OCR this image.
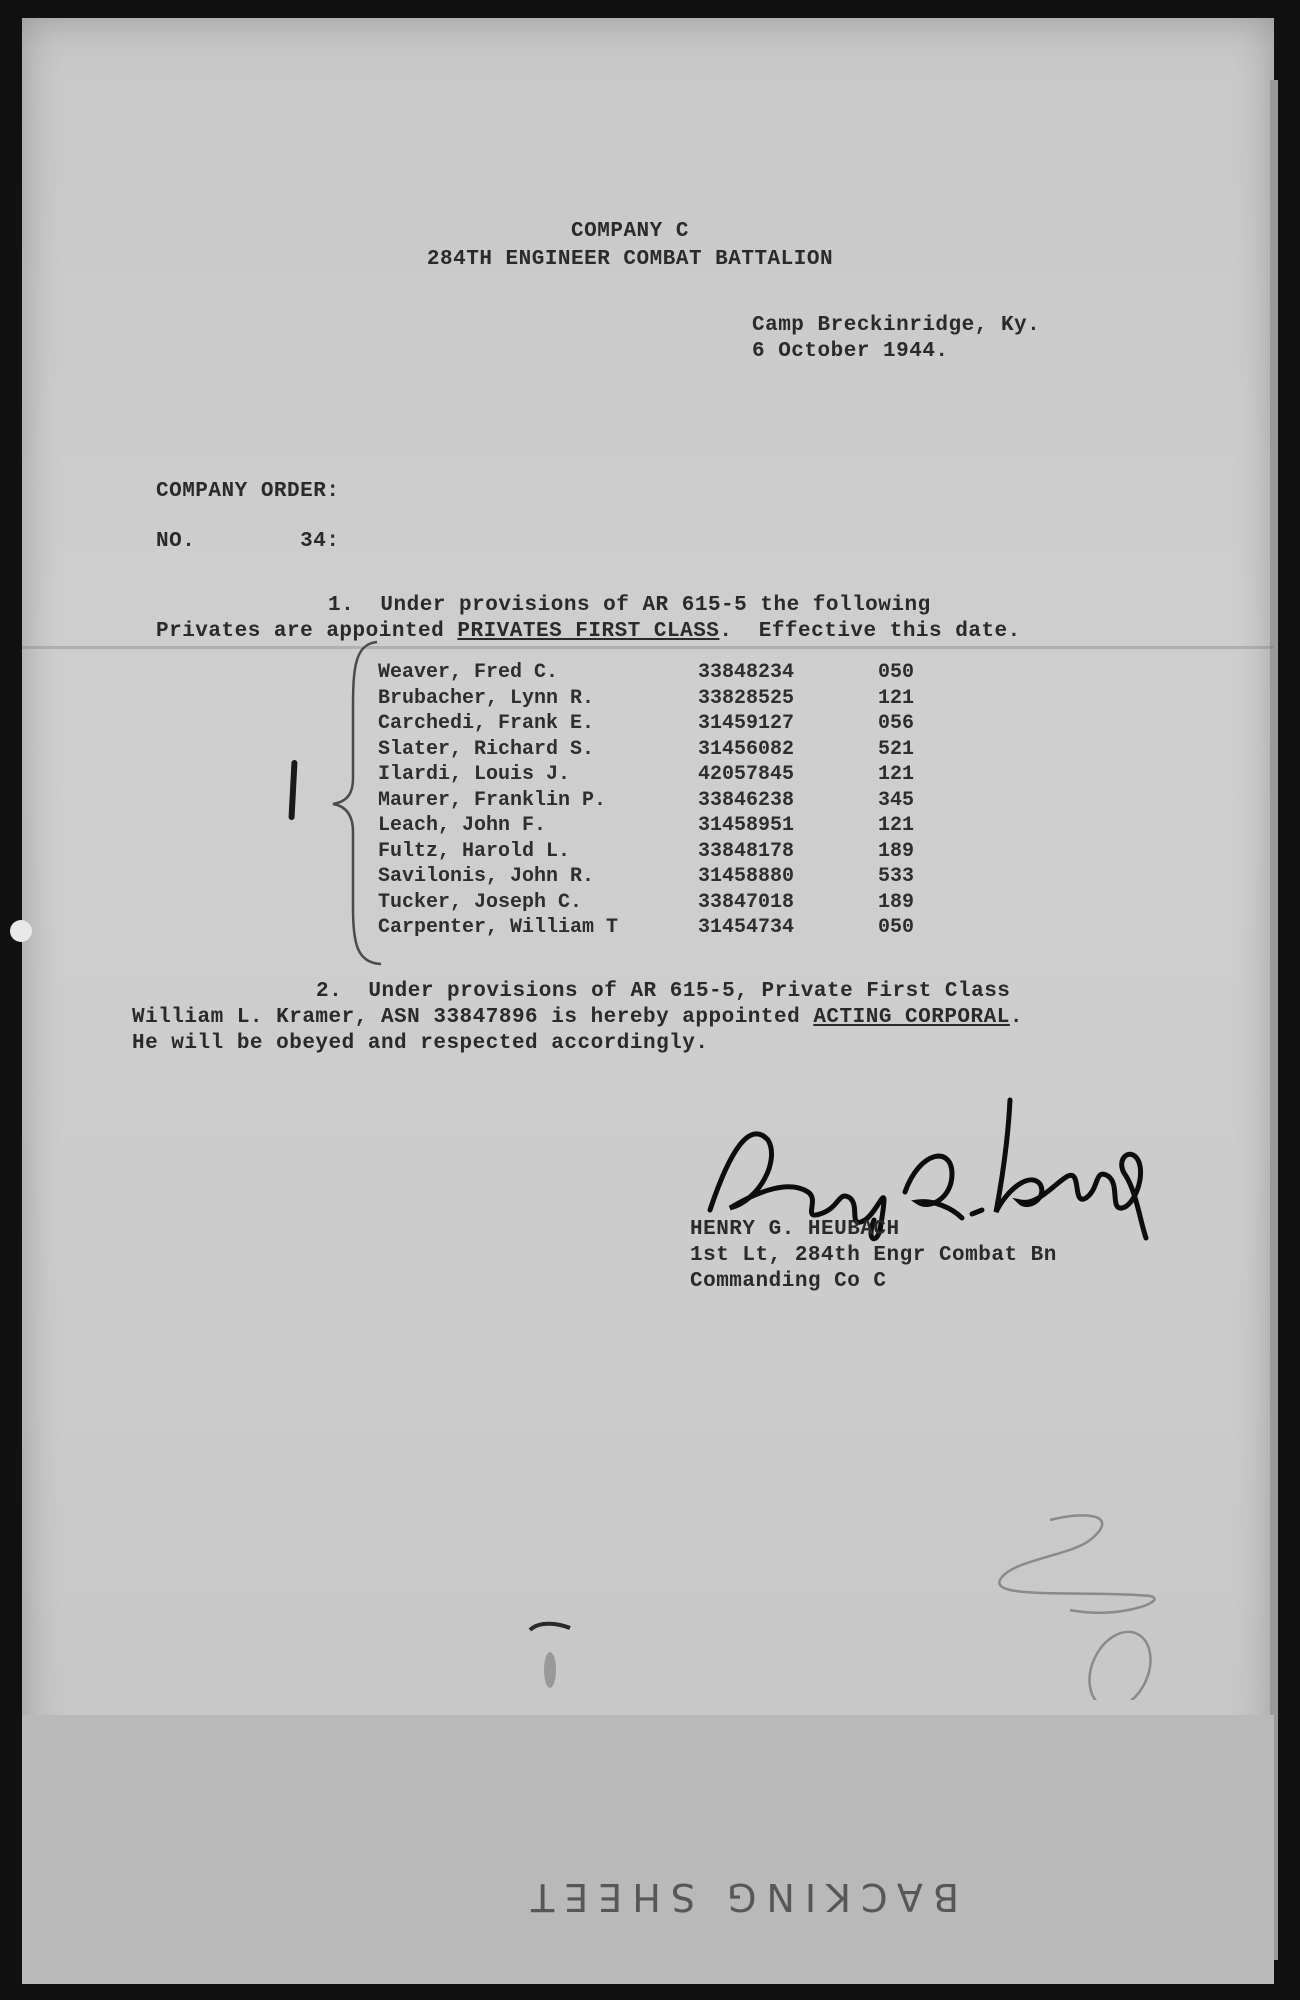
COMPANY C
284TH ENGINEER COMBAT BATTALION
Camp Breckinridge, Ky.
6 October 1944.
COMPANY ORDER:
NO.        34:
1.  Under provisions of AR 615-5 the following
Privates are appointed PRIVATES FIRST CLASS.  Effective this date.
Weaver, Fred C.	33848234	050
Brubacher, Lynn R.	33828525	121
Carchedi, Frank E.	31459127	056
Slater, Richard S.	31456082	521
Ilardi, Louis J.	42057845	121
Maurer, Franklin P.	33846238	345
Leach, John F.	31458951	121
Fultz, Harold L.	33848178	189
Savilonis, John R.	31458880	533
Tucker, Joseph C.	33847018	189
Carpenter, William T	31454734	050
2.  Under provisions of AR 615-5, Private First Class
William L. Kramer, ASN 33847896 is hereby appointed ACTING CORPORAL.
He will be obeyed and respected accordingly.
HENRY G. HEUBACH
1st Lt, 284th Engr Combat Bn
Commanding Co C
BACKING SHEET
